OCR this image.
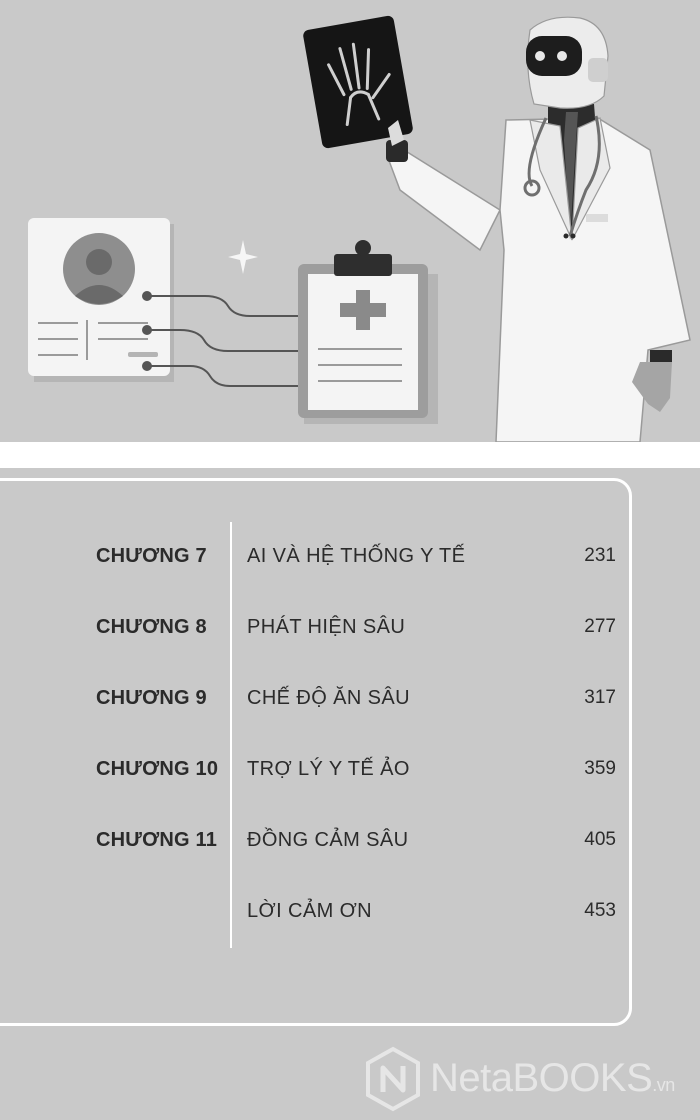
CHƯƠNG 7 AI VÀ HỆ THỐNG Y TẾ	231
CHƯƠNG 8 PHÁT HIỆN SÂU	277
CHƯƠNG 9 CHẾ ĐỘ ĂN SÂU	317
CHƯƠNG 10 TRỢ LÝ Y TẾ ẢO	359
CHƯƠNG 11 ĐỒNG CẢM SÂU	405
LỜI CẢM ƠN	453
NetaBOOKS.vn
